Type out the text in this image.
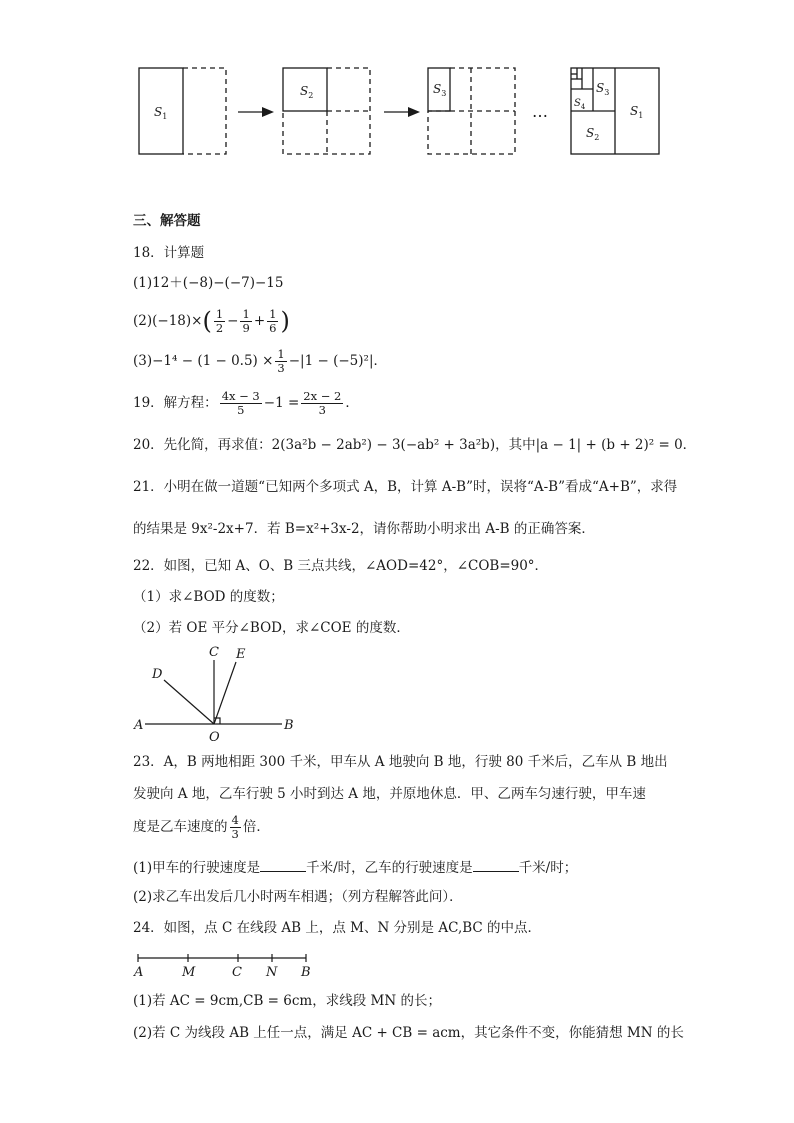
$S_1$
$S_2$	$S_3$	$S_3$
$S_4$
$S_2$
$S_1$
…
三、解答题
18．计算题
(1)12＋(−8)−(−7)−15
(2)(−18)× ( $\frac{1}{2} - \frac{1}{9} + \frac{1}{6}$ )
$(3)-1^4 - (1 - 0.5) \times \frac{1}{3} -|1 - (-5)^2|$．
19．解方程： $\frac{4x - 3}{5} -1 = \frac{2x - 2}{3}$ ．
20．先化简，再求值：2(3a²b − 2ab²) − 3(−ab² + 3a²b)，其中|a − 1| + (b + 2)² = 0．
21．小明在做一道题“已知两个多项式 A，B，计算 A-B”时，误将“A-B”看成“A+B”，求得
的结果是 9x²-2x+7．若 B=x²+3x-2，请你帮助小明求出 A-B 的正确答案．
22．如图，已知 A、O、B 三点共线，∠AOD=42°，∠COB=90°．
（1）求∠BOD 的度数；
（2）若 OE 平分∠BOD，求∠COE 的度数．
A	B
C
D
E
O
23．A，B 两地相距 300 千米，甲车从 A 地驶向 B 地，行驶 80 千米后，乙车从 B 地出
发驶向 A 地，乙车行驶 5 小时到达 A 地，并原地休息．甲、乙两车匀速行驶，甲车速
度是乙车速度的 $\frac{4}{3}$ 倍．
(1)甲车的行驶速度是	千米/时，乙车的行驶速度是	千米/时；
(2)求乙车出发后几小时两车相遇；（列方程解答此问）．
24．如图，点 C 在线段 AB 上，点 M、N 分别是 AC,BC 的中点．
A	M	C N B
(1)若 AC = 9cm,CB = 6cm，求线段 MN 的长；
(2)若 C 为线段 AB 上任一点，满足 AC + CB = acm，其它条件不变，你能猜想 MN 的长
